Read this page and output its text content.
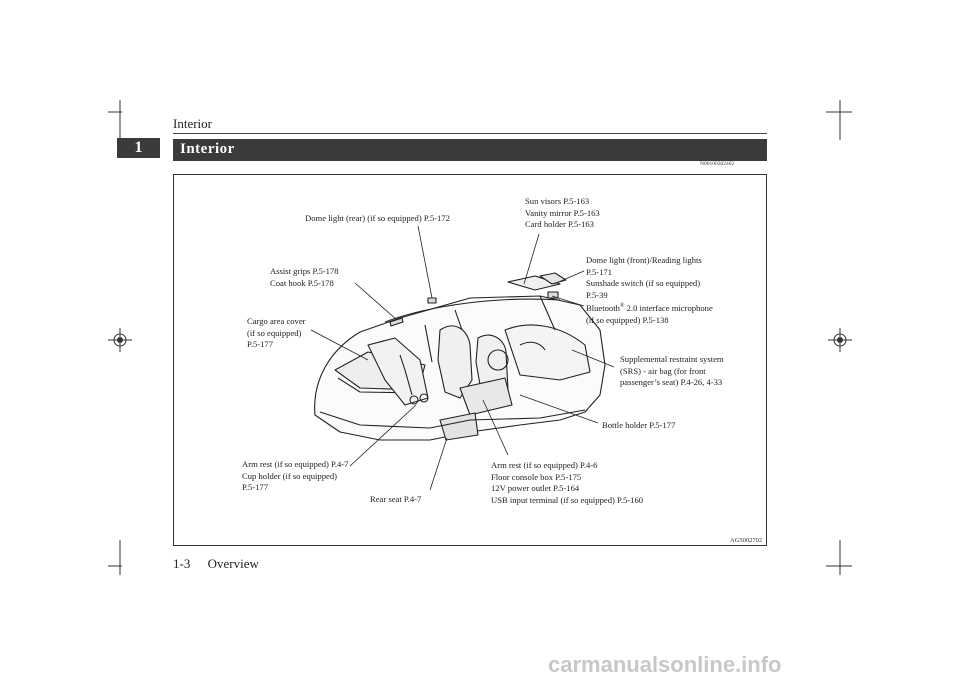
Interior
1	Interior
N00100302402
Dome light (rear) (if so equipped) P.5-172
Sun visors P.5-163
Vanity mirror P.5-163
Card holder P.5-163
Dome light (front)/Reading lights
P.5-171
Sunshade switch (if so equipped)
P.5-39
Bluetooth® 2.0 interface microphone
(if so equipped) P.5-138
Assist grips P.5-178
Coat hook P.5-178
Cargo area cover
(if so equipped)
P.5-177
Supplemental restraint system
(SRS) - air bag (for front
passenger’s seat) P.4-26, 4-33
Bottle holder P.5-177
Arm rest (if so equipped) P.4-7
Cup holder (if so equipped)
P.5-177
Rear seat P.4-7
Arm rest (if so equipped) P.4-6
Floor console box P.5-175
12V power outlet P.5-164
USB input terminal (if so equipped) P.5-160
AG5002702
1-3 Overview
carmanualsonline.info
